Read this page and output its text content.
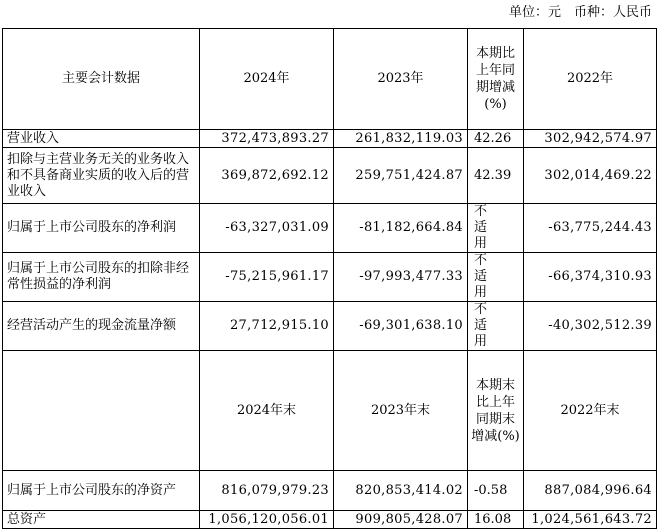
单位：元　币种：人民币
主要会计数据	2024年	2023年	本期比上年同期增减(%)	2022年
营业收入	372,473,893.27	261,832,119.03	42.26	302,942,574.97
扣除与主营业务无关的业务收入和不具备商业实质的收入后的营业收入	369,872,692.12	259,751,424.87	42.39	302,014,469.22
归属于上市公司股东的净利润	-63,327,031.09	-81,182,664.84	不适用	-63,775,244.43
归属于上市公司股东的扣除非经常性损益的净利润	-75,215,961.17	-97,993,477.33	不适用	-66,374,310.93
经营活动产生的现金流量净额	27,712,915.10	-69,301,638.10	不适用	-40,302,512.39
	2024年末	2023年末	本期末比上年同期末增减(%)	2022年末
归属于上市公司股东的净资产	816,079,979.23	820,853,414.02	-0.58	887,084,996.64
总资产	1,056,120,056.01	909,805,428.07	16.08	1,024,561,643.72
